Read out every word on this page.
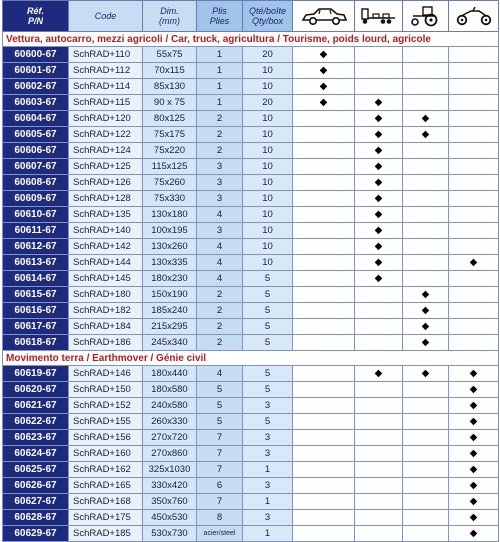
Réf.
P/N	Code	Dim.
(mm)	Plis
Plies	Qté/boîte
Qty/box	

Vettura, autocarro, mezzi agricoli / Car, truck, agricultura / Tourisme, poids lourd, agricole								
60600-67	SchRAD+110	55x75	1	20	◆			
60601-67	SchRAD+112	70x115	1	10	◆			
60602-67	SchRAD+114	85x130	1	10	◆			
60603-67	SchRAD+115	90 x 75	1	20	◆	◆		
60604-67	SchRAD+120	80x125	2	10		◆	◆	
60605-67	SchRAD+122	75x175	2	10		◆	◆	
60606-67	SchRAD+124	75x220	2	10		◆		
60607-67	SchRAD+125	115x125	3	10		◆		
60608-67	SchRAD+126	75x260	3	10		◆		
60609-67	SchRAD+128	75x330	3	10		◆		
60610-67	SchRAD+135	130x180	4	10		◆		
60611-67	SchRAD+140	100x195	3	10		◆		
60612-67	SchRAD+142	130x260	4	10		◆		
60613-67	SchRAD+144	130x335	4	10		◆		◆
60614-67	SchRAD+145	180x230	4	5		◆		
60615-67	SchRAD+180	150x190	2	5			◆	
60616-67	SchRAD+182	185x240	2	5			◆	
60617-67	SchRAD+184	215x295	2	5			◆	
60618-67	SchRAD+186	245x340	2	5			◆	
Movimento terra / Earthmover / Génie civil								
60619-67	SchRAD+146	180x440	4	5		◆	◆	◆
60620-67	SchRAD+150	180x580	5	5				◆
60621-67	SchRAD+152	240x580	5	3				◆
60622-67	SchRAD+155	260x330	5	5				◆
60623-67	SchRAD+156	270x720	7	3				◆
60624-67	SchRAD+160	270x860	7	3				◆
60625-67	SchRAD+162	325x1030	7	1				◆
60626-67	SchRAD+165	330x420	6	3				◆
60627-67	SchRAD+168	350x760	7	1				◆
60628-67	SchRAD+175	450x530	8	3				◆
60629-67	SchRAD+185	530x730	acier/steel	1				◆
